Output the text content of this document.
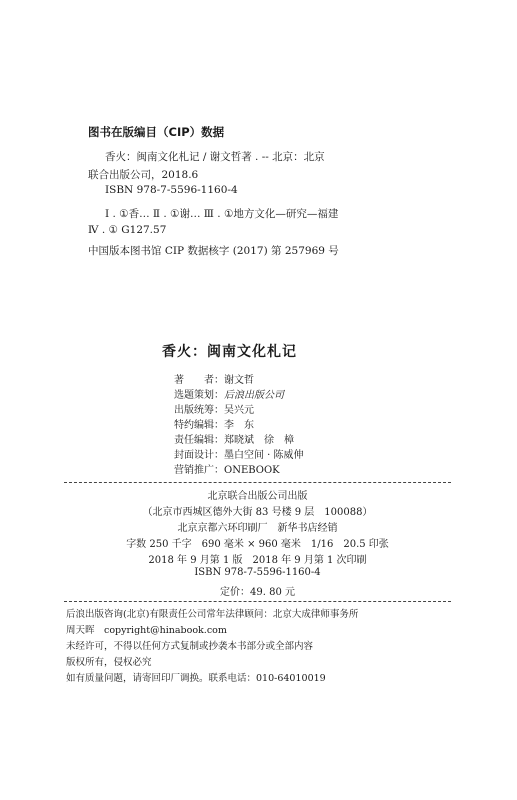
图书在版编目（CIP）数据
香火：闽南文化札记 / 谢文哲著 . -- 北京：北京
联合出版公司，2018.6
ISBN 978-7-5596-1160-4
Ⅰ . ①香… Ⅱ . ①谢… Ⅲ . ①地方文化—研究—福建
Ⅳ . ① G127.57
中国版本图书馆 CIP 数据核字 (2017) 第 257969 号
香火：闽南文化札记
著　　者：谢文哲
选题策划：后浪出版公司
出版统筹：吴兴元
特约编辑：李　东
责任编辑：郑晓斌　徐　樟
封面设计：墨白空间 · 陈威伸
营销推广：ONEBOOK
北京联合出版公司出版
（北京市西城区德外大街 83 号楼 9 层　100088）
北京京都六环印刷厂　新华书店经销
字数 250 千字　690 毫米 × 960 毫米　1/16　20.5 印张
2018 年 9 月第 1 版　2018 年 9 月第 1 次印刷
ISBN 978-7-5596-1160-4
定价：49. 80 元
后浪出版咨询(北京)有限责任公司常年法律顾问：北京大成律师事务所
周天晖　copyright@hinabook.com
未经许可，不得以任何方式复制或抄袭本书部分或全部内容
版权所有，侵权必究
如有质量问题，请寄回印厂调换。联系电话：010-64010019
